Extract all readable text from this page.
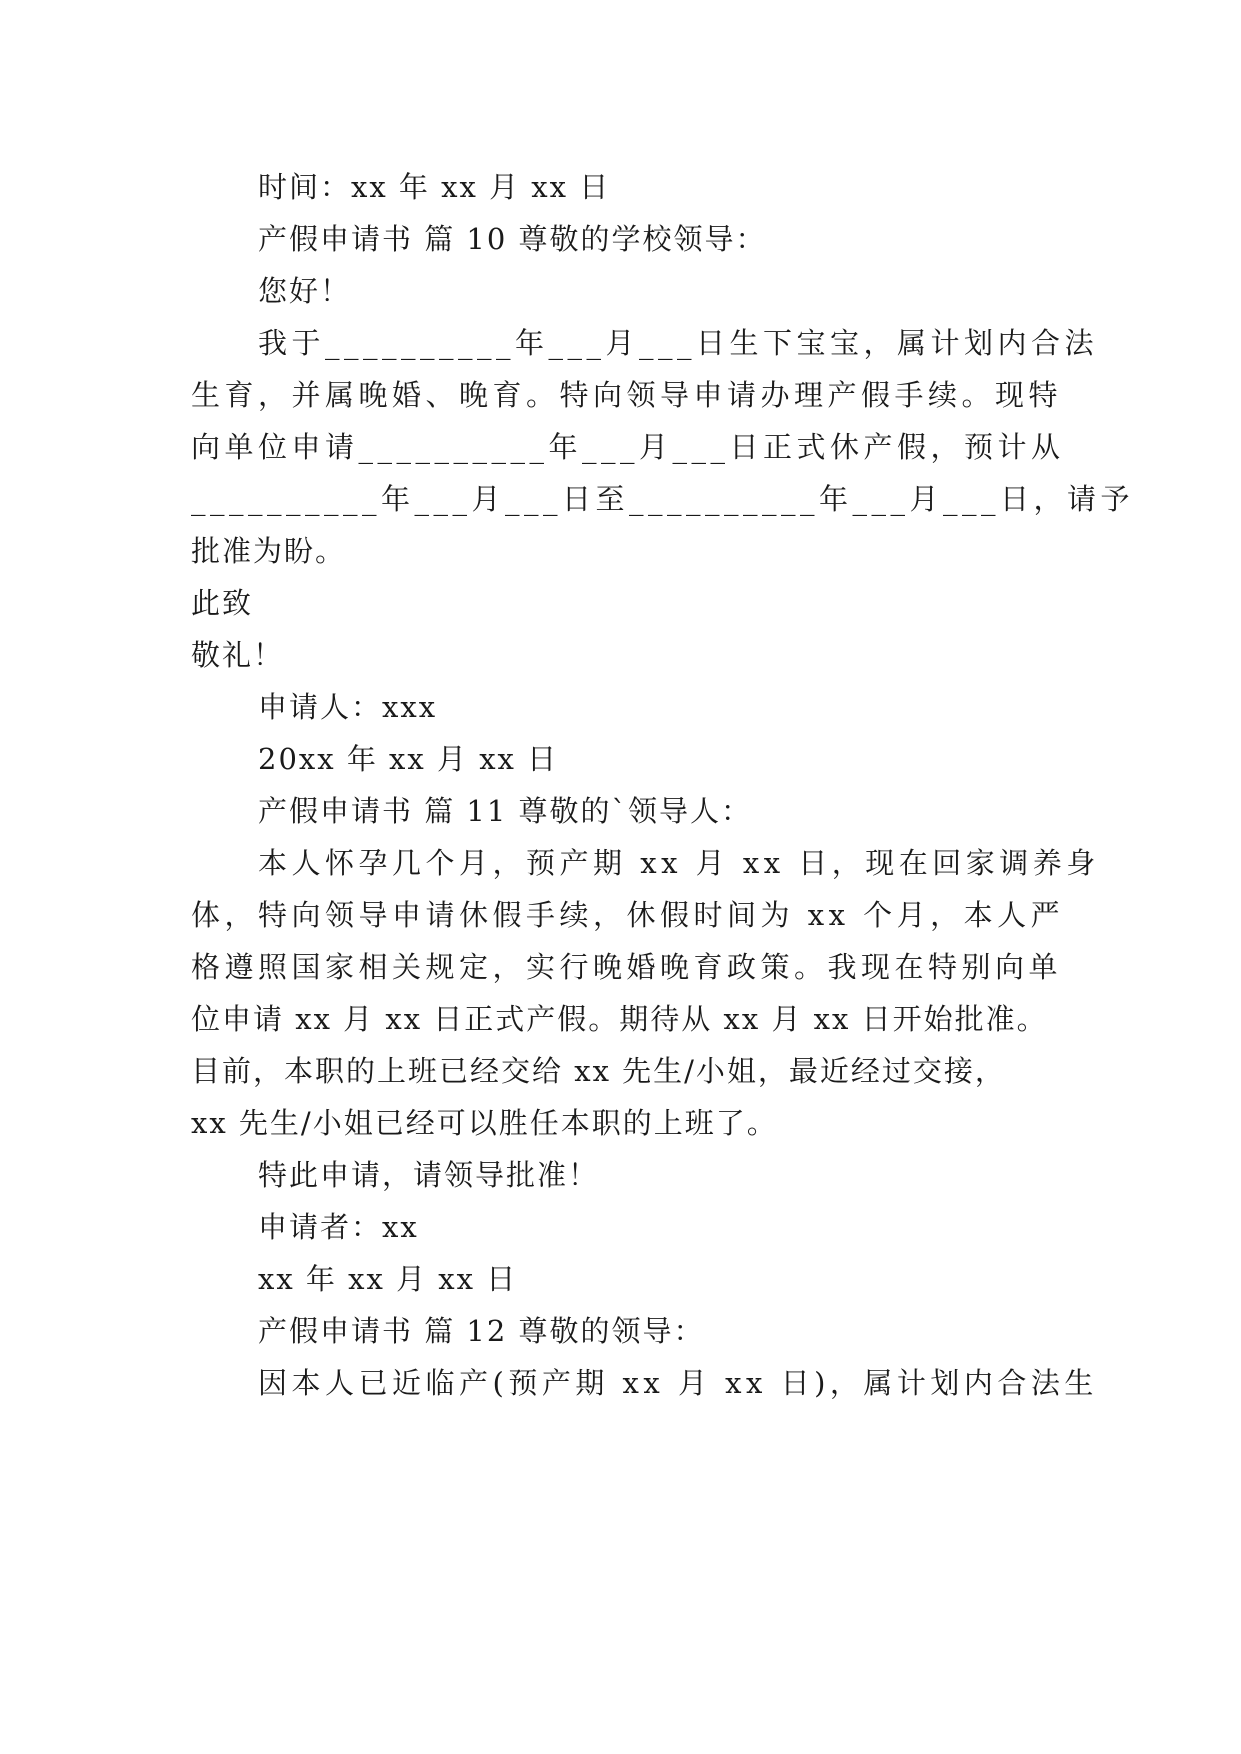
时间：xx 年 xx 月 xx 日
产假申请书 篇 10 尊敬的学校领导：
您好！
我于__________年___月___日生下宝宝，属计划内合法
生育，并属晚婚、晚育。特向领导申请办理产假手续。现特
向单位申请__________年___月___日正式休产假，预计从
__________年___月___日至__________年___月___日，请予
批准为盼。
此致
敬礼！
申请人：xxx
20xx 年 xx 月 xx 日
产假申请书 篇 11 尊敬的`领导人：
本人怀孕几个月，预产期 xx 月 xx 日，现在回家调养身
体，特向领导申请休假手续，休假时间为 xx 个月，本人严
格遵照国家相关规定，实行晚婚晚育政策。我现在特别向单
位申请 xx 月 xx 日正式产假。期待从 xx 月 xx 日开始批准。
目前，本职的上班已经交给 xx 先生/小姐，最近经过交接，
xx 先生/小姐已经可以胜任本职的上班了。
特此申请，请领导批准！
申请者：xx
xx 年 xx 月 xx 日
产假申请书 篇 12 尊敬的领导：
因本人已近临产(预产期 xx 月 xx 日)，属计划内合法生
